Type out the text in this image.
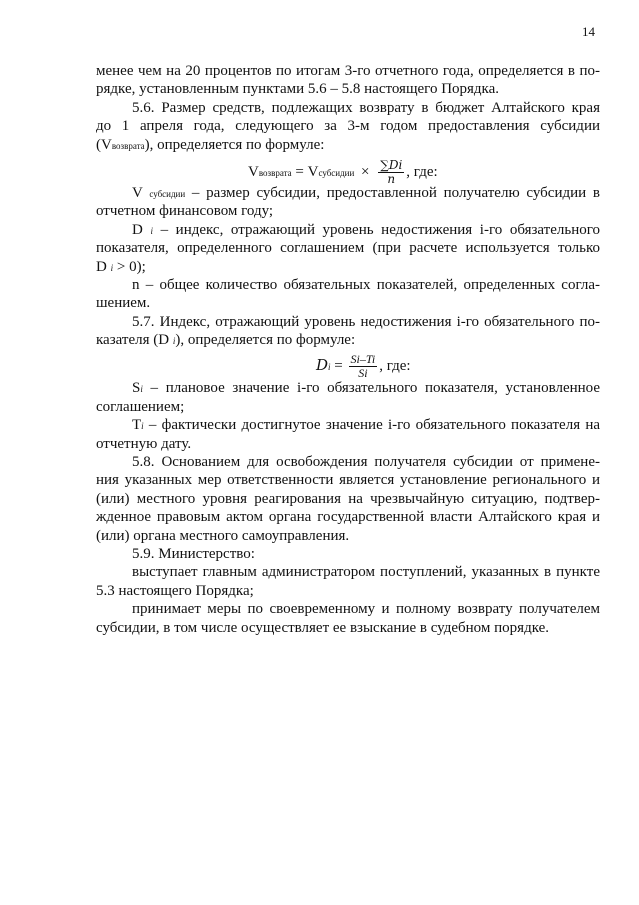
14
менее чем на 20 процентов по итогам 3-го отчетного года, определяется в по-
рядке, установленным пунктами 5.6 – 5.8 настоящего Порядка.
5.6. Размер средств, подлежащих возврату в бюджет Алтайского края
до 1 апреля года, следующего за 3-м годом предоставления субсидии
(Vвозврата), определяется по формуле:
Vвозврата = Vсубсидии × $\frac{\sum Di}{n}$ , где:
V субсидии – размер субсидии, предоставленной получателю субсидии в
отчетном финансовом году;
D i – индекс, отражающий уровень недостижения i-го обязательного
показателя, определенного соглашением (при расчете используется только
D i > 0);
n – общее количество обязательных показателей, определенных согла-
шением.
5.7. Индекс, отражающий уровень недостижения i-го обязательного по-
казателя (D i), определяется по формуле:
$Di = \frac{Si-Ti}{Si}$ , где:
Si – плановое значение i-го обязательного показателя, установленное
соглашением;
Ti – фактически достигнутое значение i-го обязательного показателя на
отчетную дату.
5.8. Основанием для освобождения получателя субсидии от примене-
ния указанных мер ответственности является установление регионального и
(или) местного уровня реагирования на чрезвычайную ситуацию, подтвер-
жденное правовым актом органа государственной власти Алтайского края и
(или) органа местного самоуправления.
5.9. Министерство:
выступает главным администратором поступлений, указанных в пункте
5.3 настоящего Порядка;
принимает меры по своевременному и полному возврату получателем
субсидии, в том числе осуществляет ее взыскание в судебном порядке.
